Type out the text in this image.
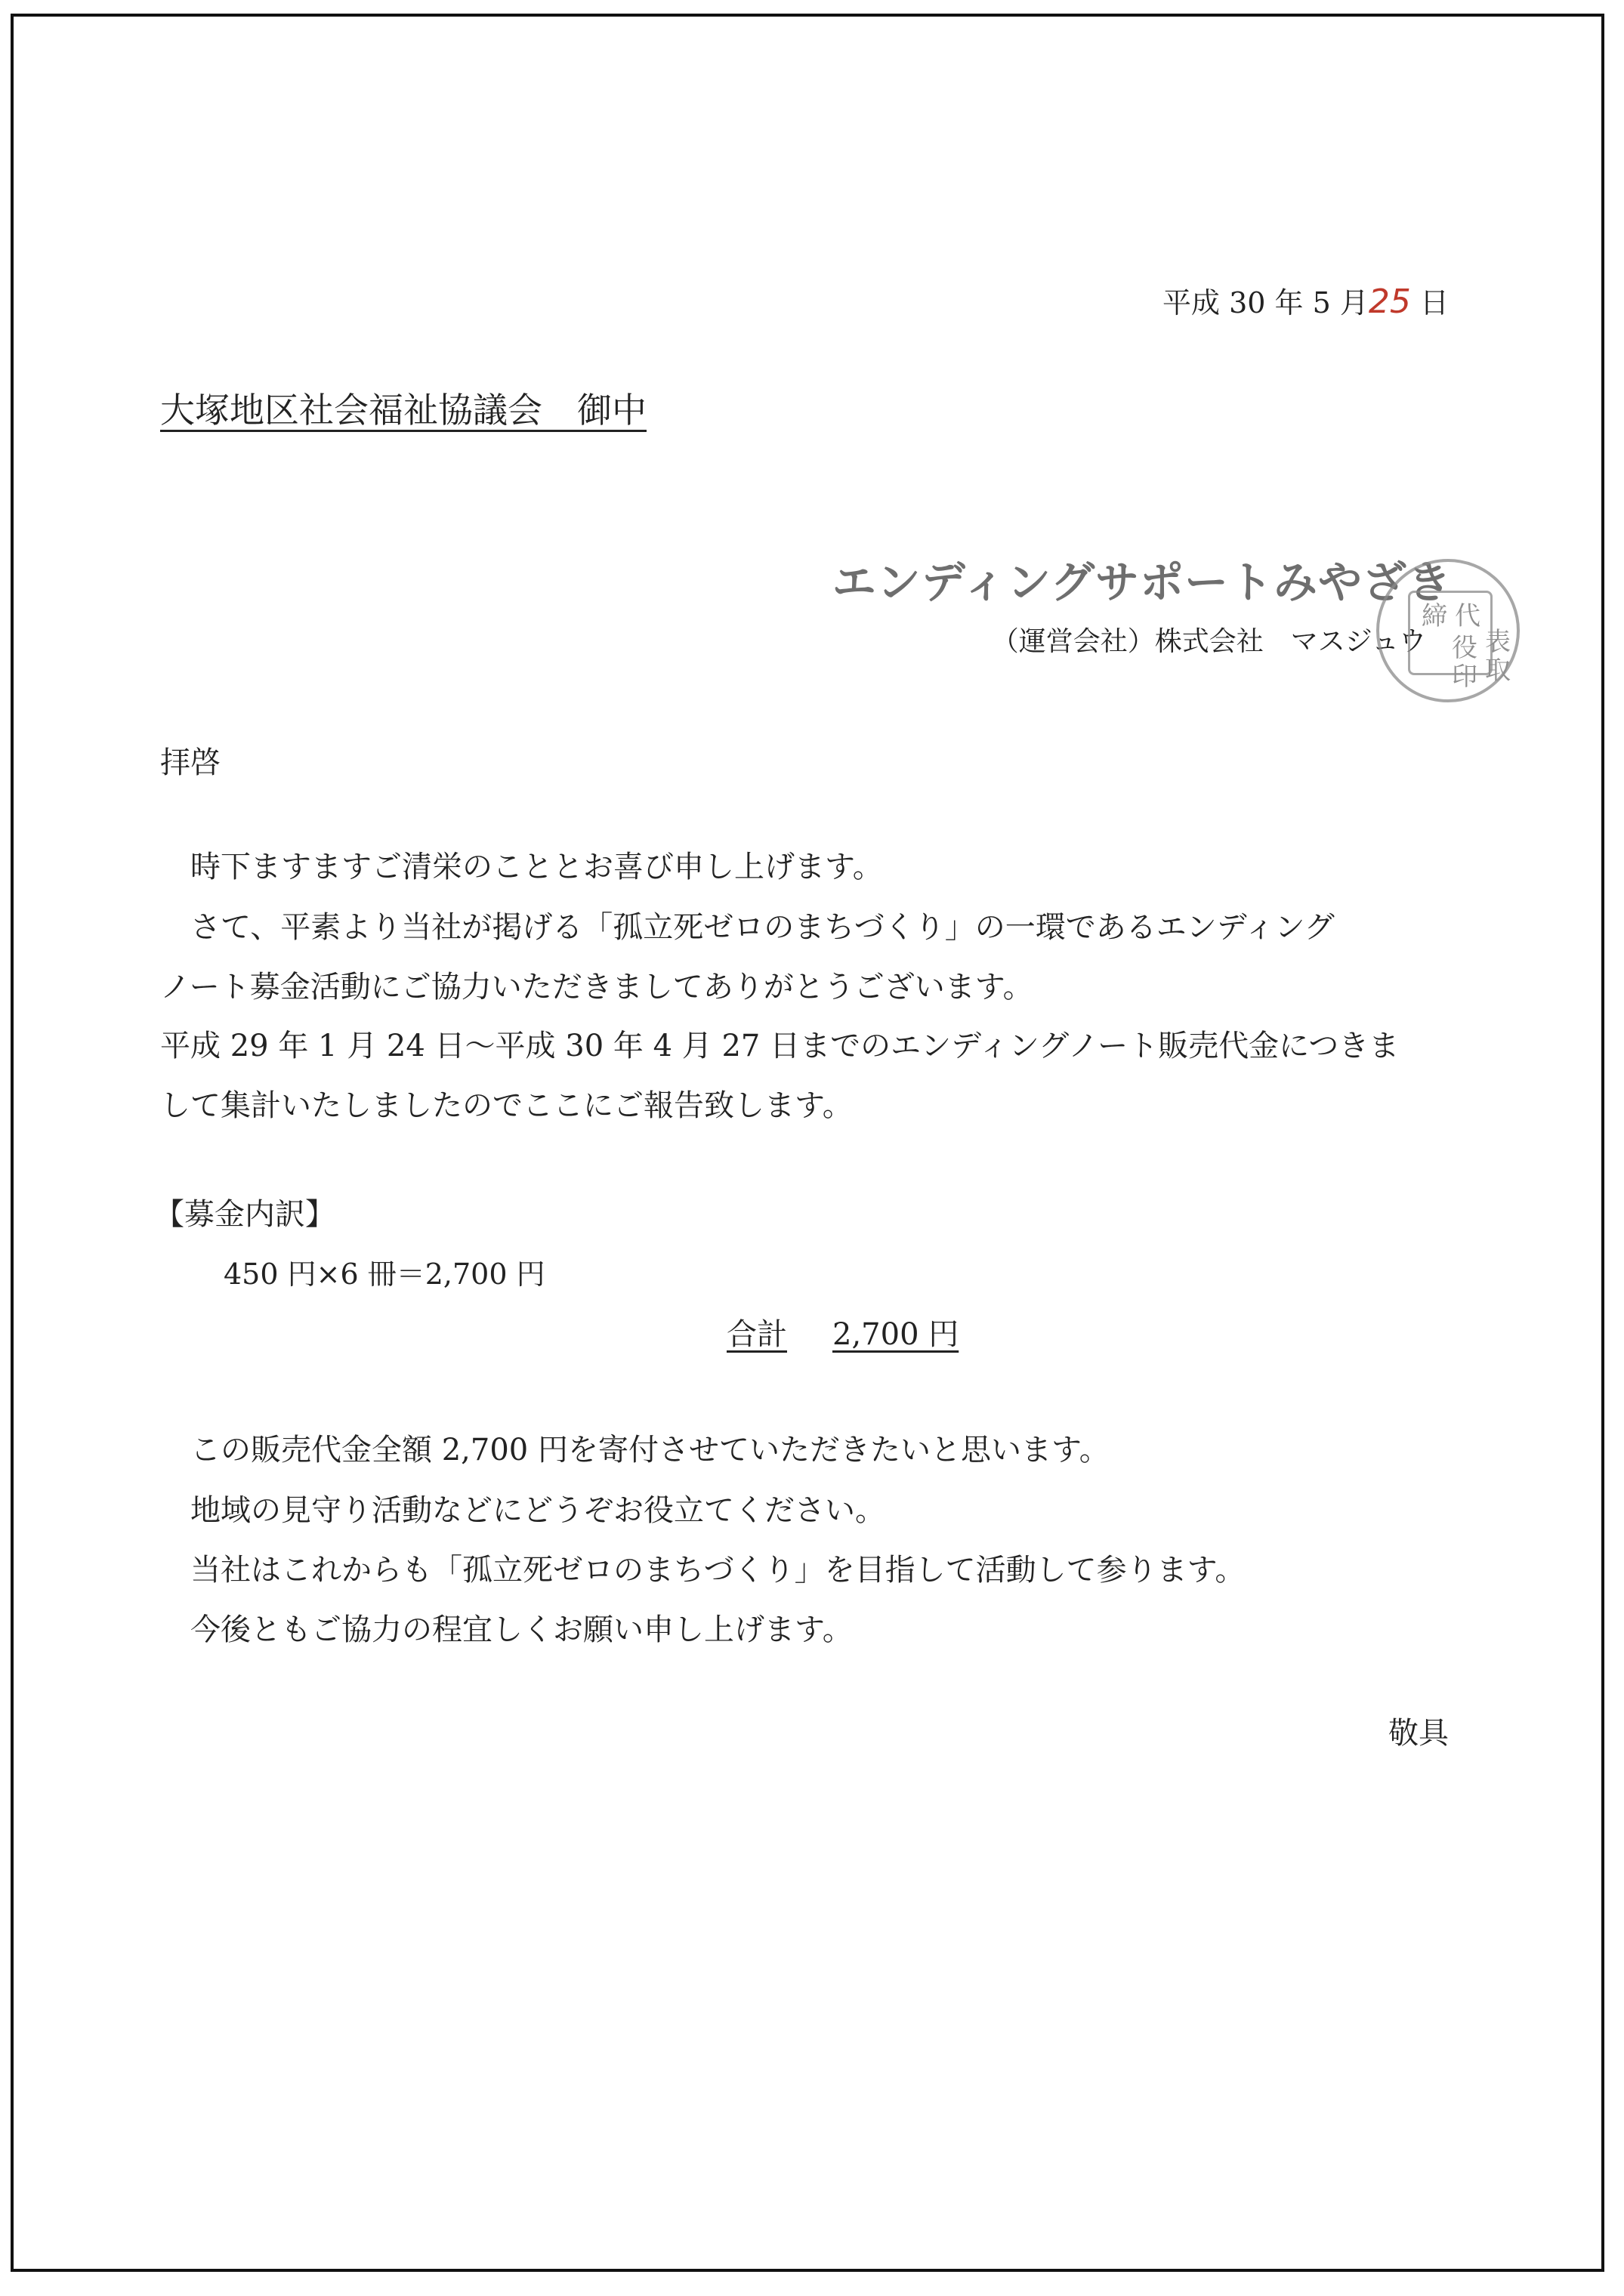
平成 30 年 5 月25 日
大塚地区社会福祉協議会　御中
エンディングサポートみやざき
（運営会社）株式会社　マスジュウ
代
表
取
締
役
印
拝啓
時下ますますご清栄のこととお喜び申し上げます。
さて、平素より当社が掲げる「孤立死ゼロのまちづくり」の一環であるエンディング
ノート募金活動にご協力いただきましてありがとうございます。
平成 29 年 1 月 24 日～平成 30 年 4 月 27 日までのエンディングノート販売代金につきま
して集計いたしましたのでここにご報告致します。
【募金内訳】
450 円×6 冊＝2,700 円
合計 2,700 円
この販売代金全額 2,700 円を寄付させていただきたいと思います。
地域の見守り活動などにどうぞお役立てください。
当社はこれからも「孤立死ゼロのまちづくり」を目指して活動して参ります。
今後ともご協力の程宜しくお願い申し上げます。
敬具
